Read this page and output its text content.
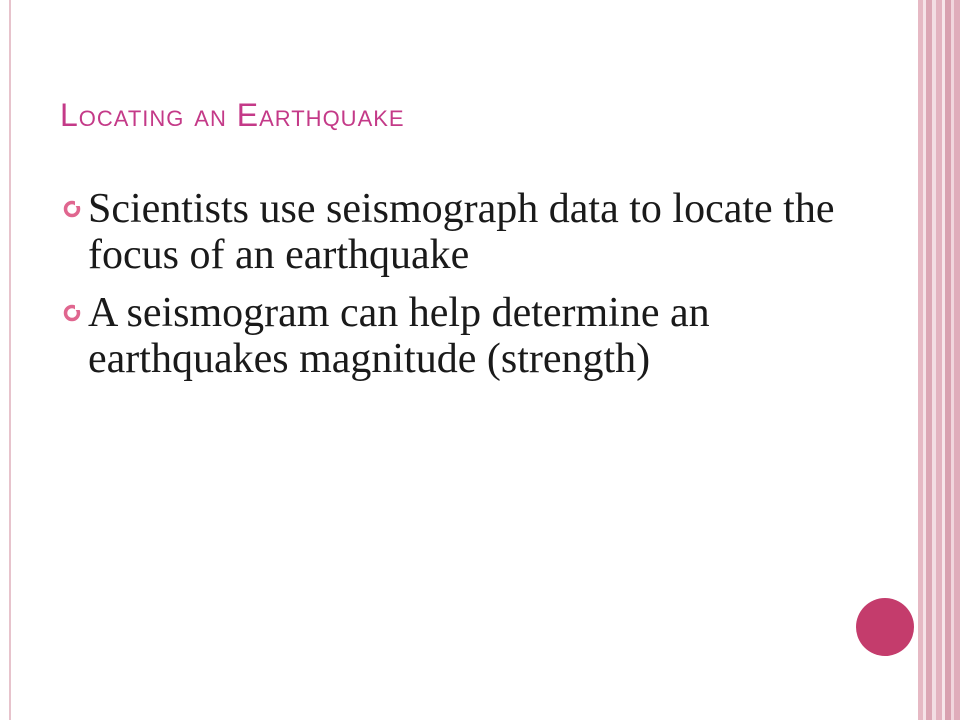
Locating an Earthquake
Scientists use seismograph data to locate the focus of an earthquake
A seismogram can help determine an earthquakes magnitude (strength)
